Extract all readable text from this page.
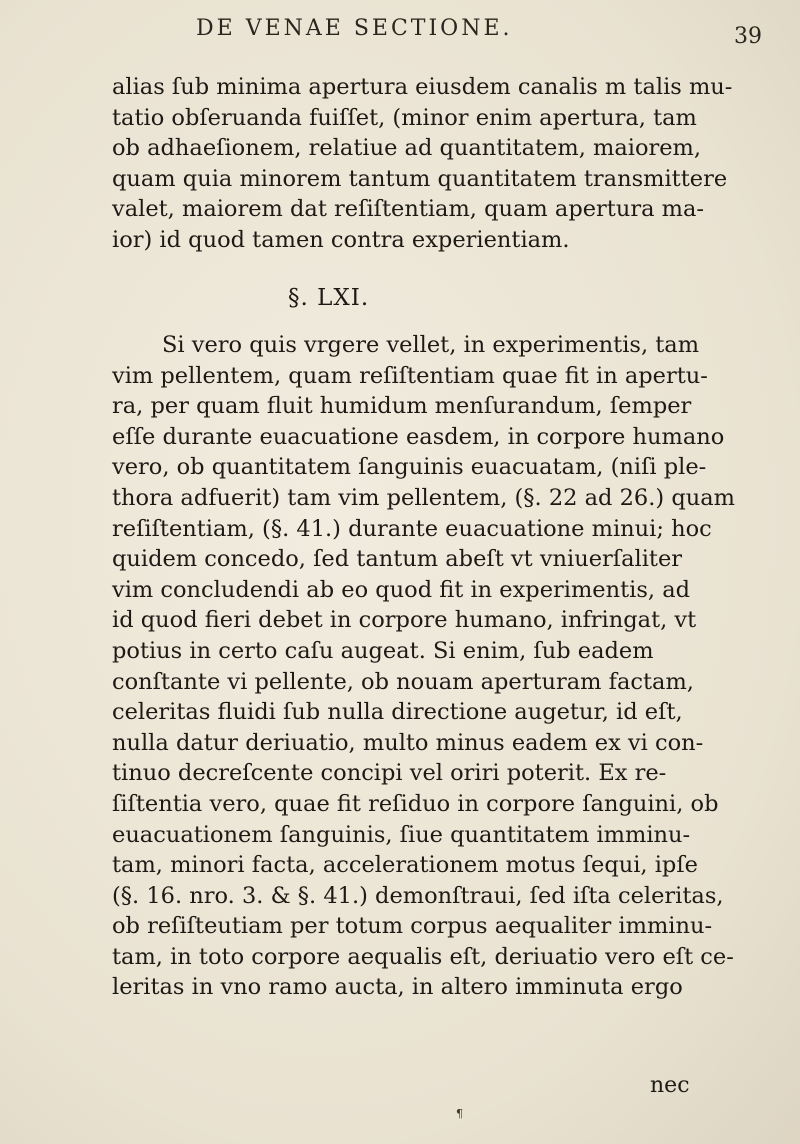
DE VENAE SECTIONE.	39
alias ſub minima apertura eiusdem canalis m talis mu-
tatio obſeruanda fuiſſet, (minor enim apertura, tam
ob adhaeſionem, relatiue ad quantitatem, maiorem,
quam quia minorem tantum quantitatem transmittere
valet, maiorem dat reſiſtentiam, quam apertura ma-
ior) id quod tamen contra experientiam.
§. LXI.
Si vero quis vrgere vellet, in experimentis, tam
vim pellentem, quam reſiſtentiam quae fit in apertu-
ra, per quam fluit humidum menſurandum, ſemper
eſſe durante euacuatione easdem, in corpore humano
vero, ob quantitatem ſanguinis euacuatam, (niſi ple-
thora adfuerit) tam vim pellentem, (§. 22 ad 26.) quam
reſiſtentiam, (§. 41.) durante euacuatione minui; hoc
quidem concedo, ſed tantum abeſt vt vniuerſaliter
vim concludendi ab eo quod fit in experimentis, ad
id quod fieri debet in corpore humano, infringat, vt
potius in certo caſu augeat. Si enim, ſub eadem
conſtante vi pellente, ob nouam aperturam factam,
celeritas fluidi ſub nulla directione augetur, id eſt,
nulla datur deriuatio, multo minus eadem ex vi con-
tinuo decreſcente concipi vel oriri poterit. Ex re-
ſiſtentia vero, quae fit reſiduo in corpore ſanguini, ob
euacuationem ſanguinis, ſiue quantitatem imminu-
tam, minori facta, accelerationem motus ſequi, ipſe
(§. 16. nro. 3. & §. 41.) demonſtraui, ſed iſta celeritas,
ob reſiſteutiam per totum corpus aequaliter imminu-
tam, in toto corpore aequalis eſt, deriuatio vero eſt ce-
leritas in vno ramo aucta, in altero imminuta ergo
nec
¶
